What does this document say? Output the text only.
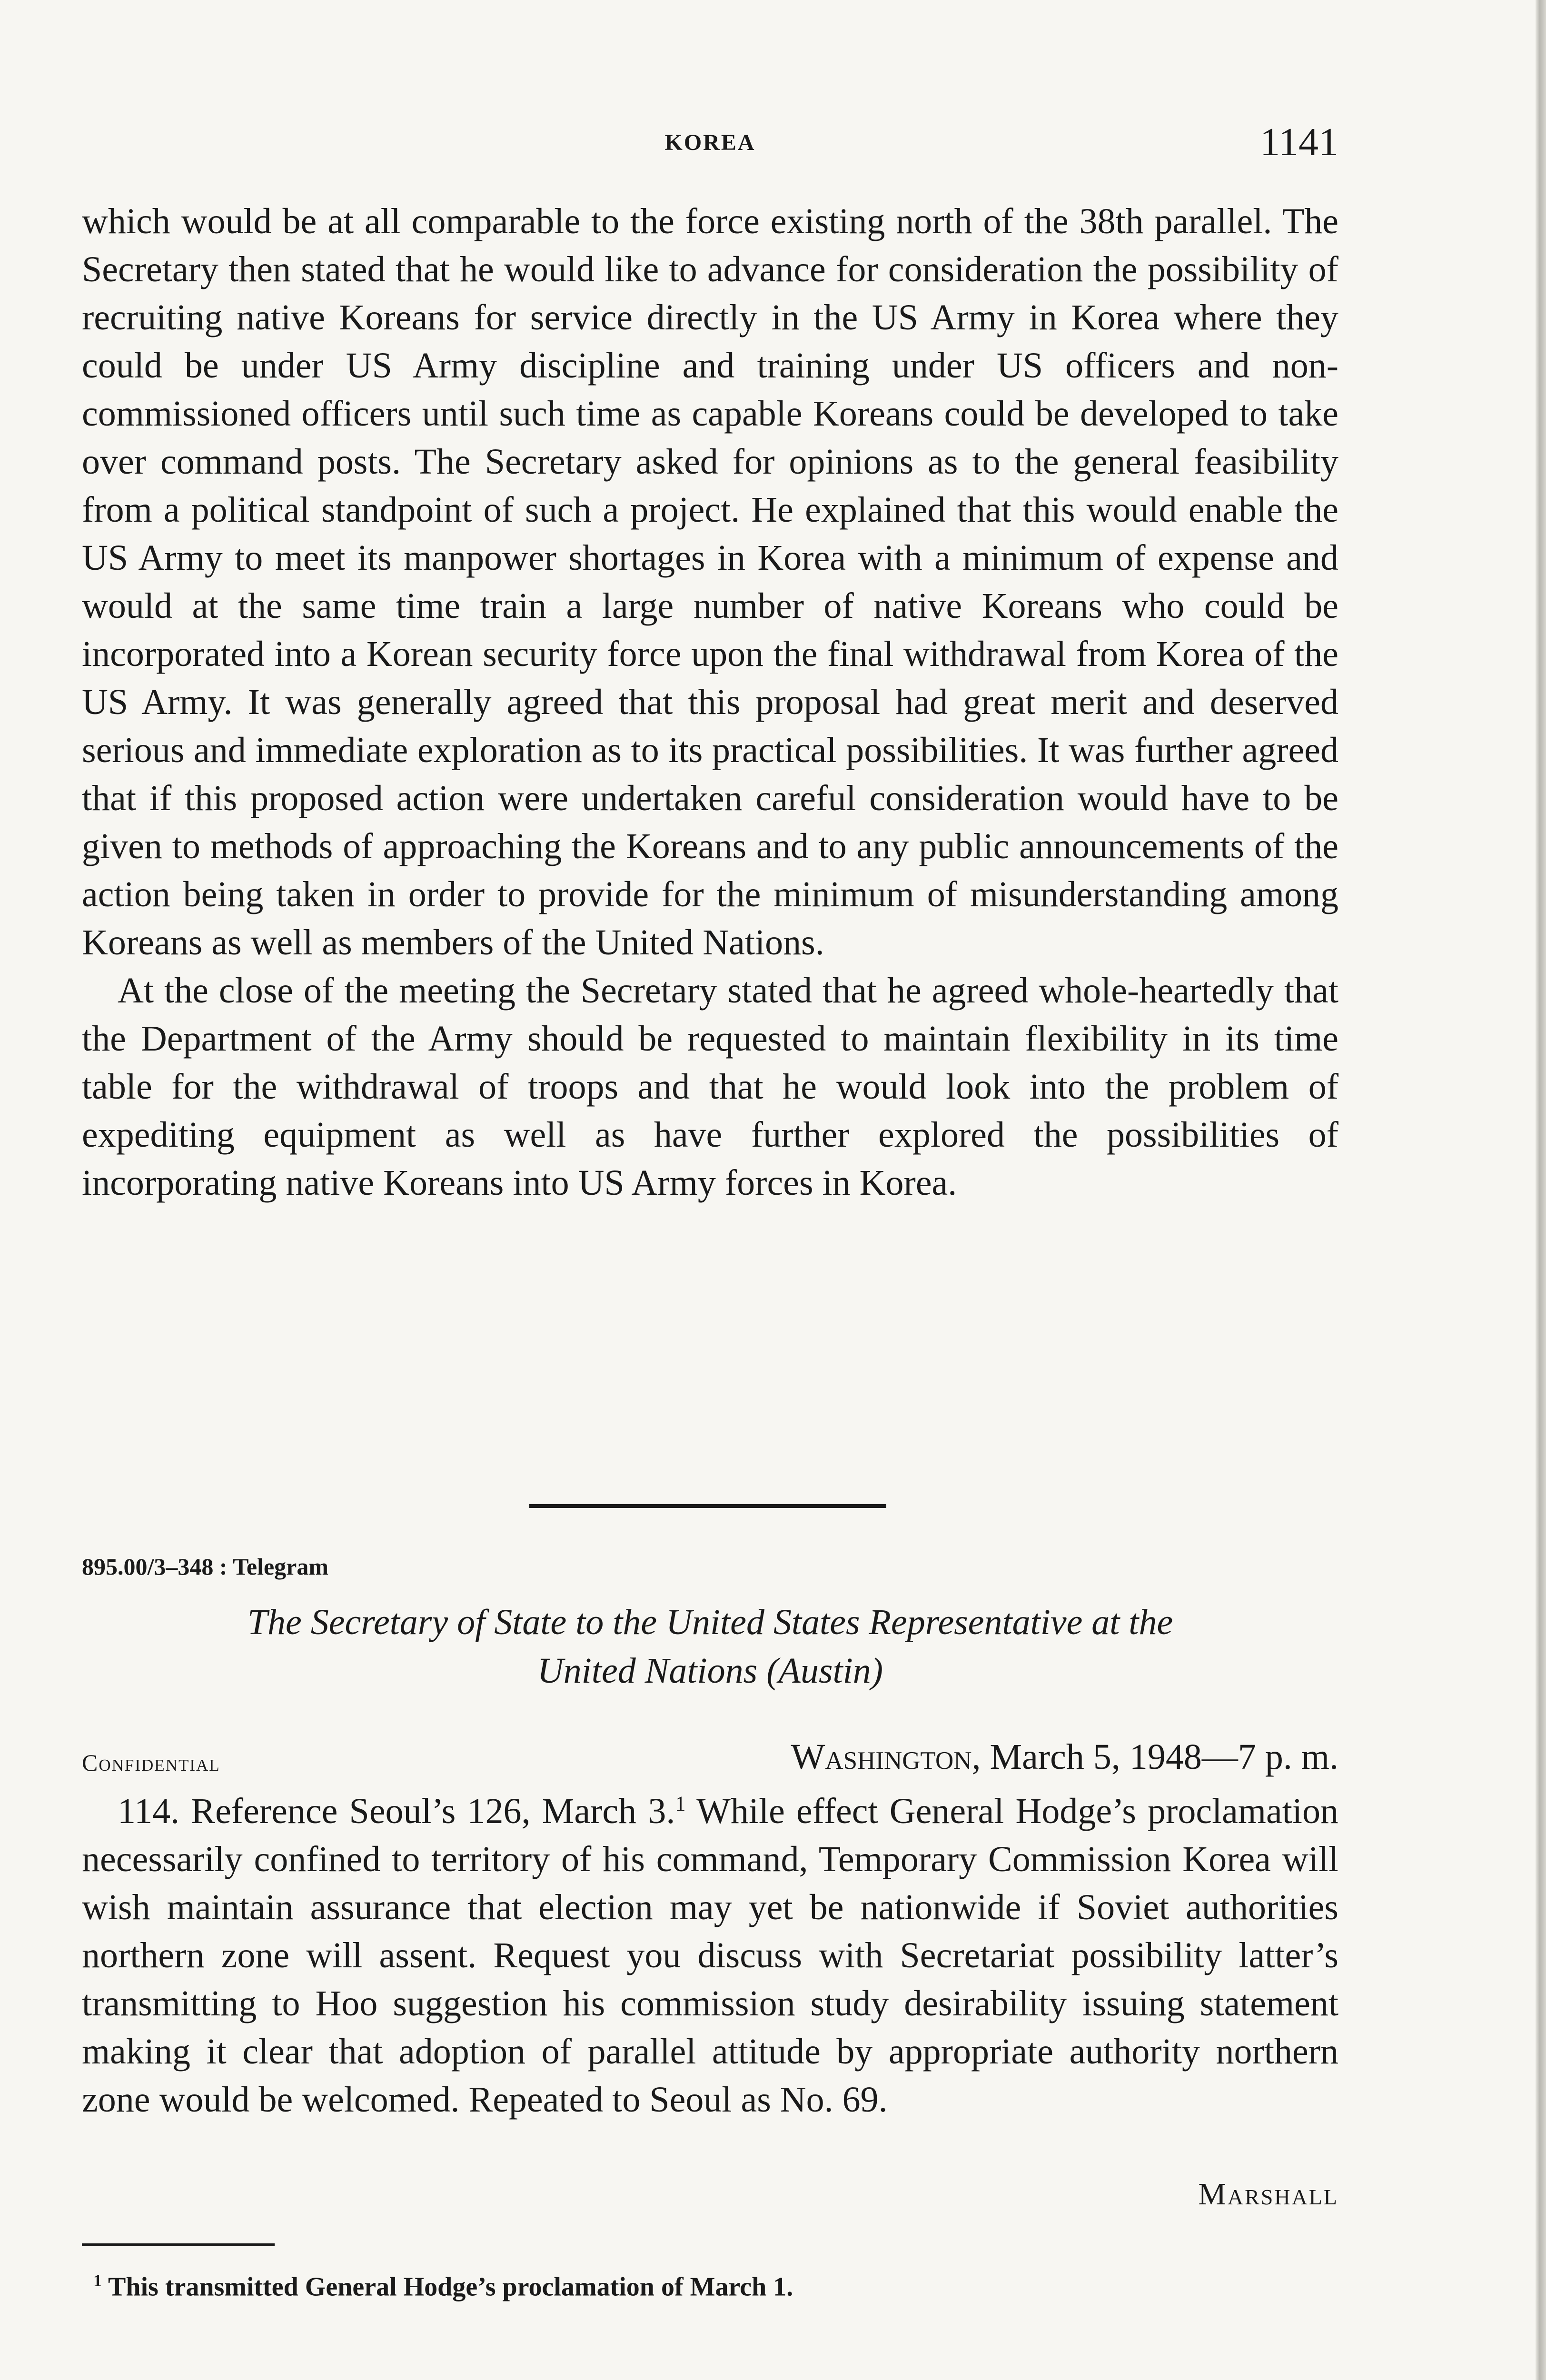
KOREA	1141

which would be at all comparable to the force existing north of the 38th parallel. The Secretary then stated that he would like to advance for consideration the possibility of recruiting native Koreans for service directly in the US Army in Korea where they could be under US Army discipline and training under US officers and non-commissioned officers until such time as capable Koreans could be developed to take over command posts. The Secretary asked for opinions as to the general feasibility from a political standpoint of such a project. He explained that this would enable the US Army to meet its manpower shortages in Korea with a minimum of expense and would at the same time train a large number of native Koreans who could be incorporated into a Korean security force upon the final withdrawal from Korea of the US Army. It was generally agreed that this proposal had great merit and deserved serious and immediate exploration as to its practical possibilities. It was further agreed that if this proposed action were undertaken careful consideration would have to be given to methods of approaching the Koreans and to any public announcements of the action being taken in order to provide for the minimum of misunderstanding among Koreans as well as members of the United Nations.

At the close of the meeting the Secretary stated that he agreed whole-heartedly that the Department of the Army should be requested to maintain flexibility in its time table for the withdrawal of troops and that he would look into the problem of expediting equipment as well as have further explored the possibilities of incorporating native Koreans into US Army forces in Korea.

895.00/3–348 : Telegram
The Secretary of State to the United States Representative at the
United Nations (Austin)
Confidential	Washington, March 5, 1948—7 p. m.

114. Reference Seoul’s 126, March 3.$^1$ While effect General Hodge’s proclamation necessarily confined to territory of his command, Temporary Commission Korea will wish maintain assurance that election may yet be nationwide if Soviet authorities northern zone will assent. Request you discuss with Secretariat possibility latter’s transmitting to Hoo suggestion his commission study desirability issuing statement making it clear that adoption of parallel attitude by appropriate authority northern zone would be welcomed. Repeated to Seoul as No. 69.

Marshall
$^1$ This transmitted General Hodge’s proclamation of March 1.
